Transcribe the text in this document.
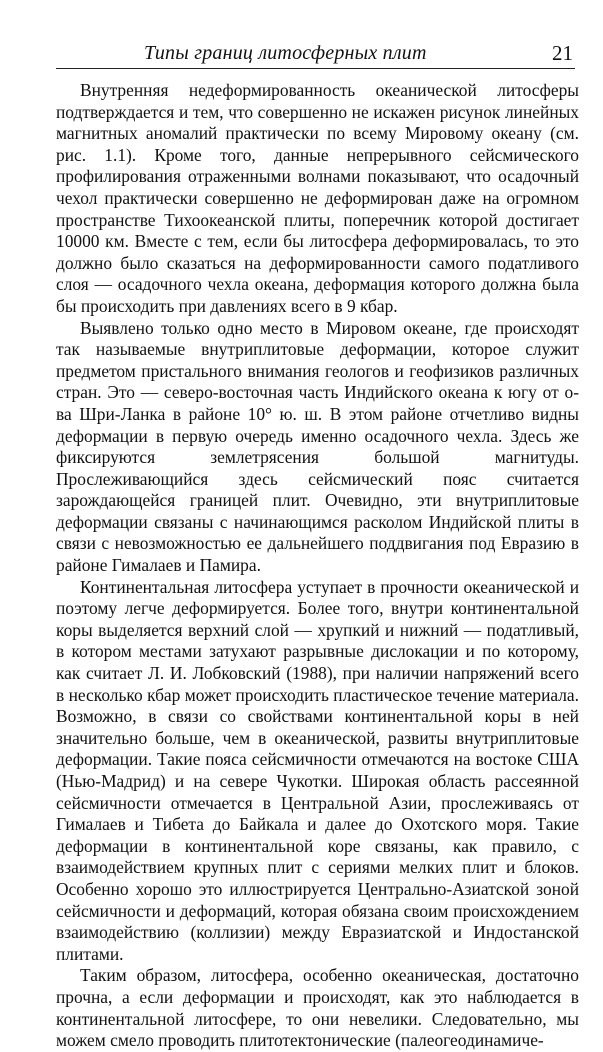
Типы границ литосферных плит	21

Внутренняя недеформированность океанической литосферы подтверждается и тем, что совершенно не искажен рисунок линейных магнитных аномалий практически по всему Мировому океану (см. рис. 1.1). Кроме того, данные непрерывного сейсмического профилирования отраженными волнами показывают, что осадочный чехол практически совершенно не деформирован даже на огромном пространстве Тихоокеанской плиты, поперечник которой достигает 10000 км. Вместе с тем, если бы литосфера деформировалась, то это должно было сказаться на деформированности самого податливого слоя — осадочного чехла океана, деформация которого должна была бы происходить при давлениях всего в 9 кбар.

Выявлено только одно место в Мировом океане, где происходят так называемые внутриплитовые деформации, которое служит предметом пристального внимания геологов и геофизиков различных стран. Это — северо-восточная часть Индийского океана к югу от о-ва Шри-Ланка в районе 10° ю. ш. В этом районе отчетливо видны деформации в первую очередь именно осадочного чехла. Здесь же фиксируются землетрясения большой магнитуды. Прослеживающийся здесь сейсмический пояс считается зарождающейся границей плит. Очевидно, эти внутриплитовые деформации связаны с начинающимся расколом Индийской плиты в связи с невозможностью ее дальнейшего поддвигания под Евразию в районе Гималаев и Памира.

Континентальная литосфера уступает в прочности океанической и поэтому легче деформируется. Более того, внутри континентальной коры выделяется верхний слой — хрупкий и нижний — податливый, в котором местами затухают разрывные дислокации и по которому, как считает Л. И. Лобковский (1988), при наличии напряжений всего в несколько кбар может происходить пластическое течение материала. Возможно, в связи со свойствами континентальной коры в ней значительно больше, чем в океанической, развиты внутриплитовые деформации. Такие пояса сейсмичности отмечаются на востоке США (Нью-Мадрид) и на севере Чукотки. Широкая область рассеянной сейсмичности отмечается в Центральной Азии, прослеживаясь от Гималаев и Тибета до Байкала и далее до Охотского моря. Такие деформации в континентальной коре связаны, как правило, с взаимодействием крупных плит с сериями мелких плит и блоков. Особенно хорошо это иллюстрируется Центрально-Азиатской зоной сейсмичности и деформаций, которая обязана своим происхождением взаимодействию (коллизии) между Евразиатской и Индостанской плитами.

Таким образом, литосфера, особенно океаническая, достаточно прочна, а если деформации и происходят, как это наблюдается в континентальной литосфере, то они невелики. Следовательно, мы можем смело проводить плитотектонические (палеогеодинамиче-
